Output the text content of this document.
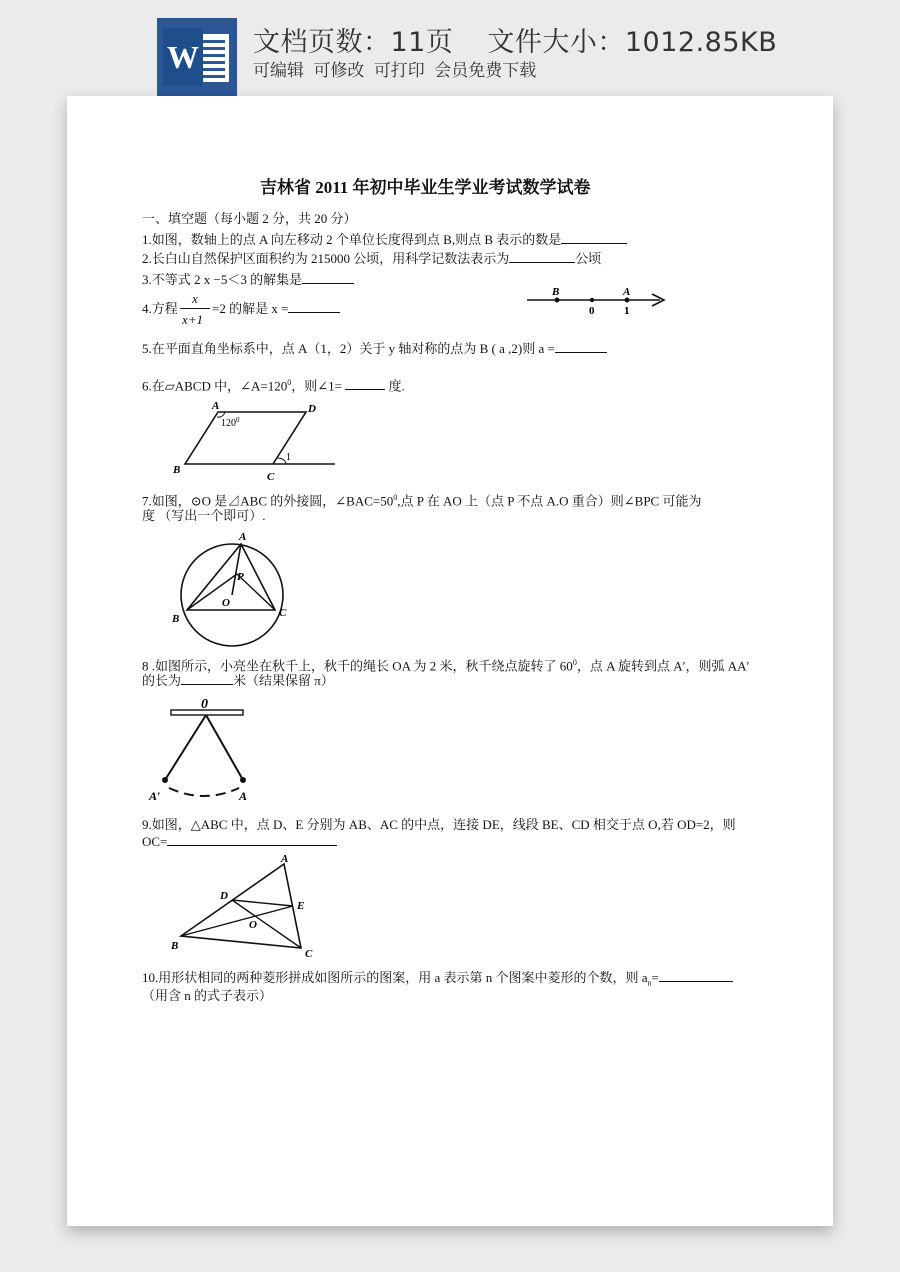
W 文档页数：11页 文件大小：1012.85KB
可编辑 可修改 可打印 会员免费下载
吉林省 2011 年初中毕业生学业考试数学试卷
一、填空题（每小题 2 分，共 20 分）
1.如图，数轴上的点 A 向左移动 2 个单位长度得到点 B,则点 B 表示的数是
2.长白山自然保护区面积约为 215000 公顷，用科学记数法表示为	公顷
3.不等式 2 x −5＜3 的解集是
4.方程
x
x+1
=2 的解是 x =
B
0
A
1
5.在平面直角坐标系中，点 A（1，2）关于 y 轴对称的点为 B ( a ,2)则 a =
6.在▱ABCD 中，$\angle A=120^0$，则∠1=	度.
A	D
B
C
$120^0$
1
7.如图，⊙O 是⊿ABC 的外接圆，$\angle BAC=50^0$,点 P 在 AO 上（点 P 不点 A.O 重合）则∠BPC 可能为
度 （写出一个即可）.
A
P
O
B	C
8 .如图所示，小亮坐在秋千上，秋千的绳长 OA 为 2 米，秋千绕点旋转了 $60^0$，点 A 旋转到点 A′，则弧 AA′
的长为	米（结果保留 π）
0
A′	A
9.如图，△ABC 中，点 D、E 分别为 AB、AC 的中点，连接 DE，线段 BE、CD 相交于点 O,若 OD=2，则
OC=
A
D
E
O
B
C
10.用形状相同的两种菱形拼成如图所示的图案，用 a 表示第 n 个图案中菱形的个数，则 $a_n=$
（用含 n 的式子表示）
